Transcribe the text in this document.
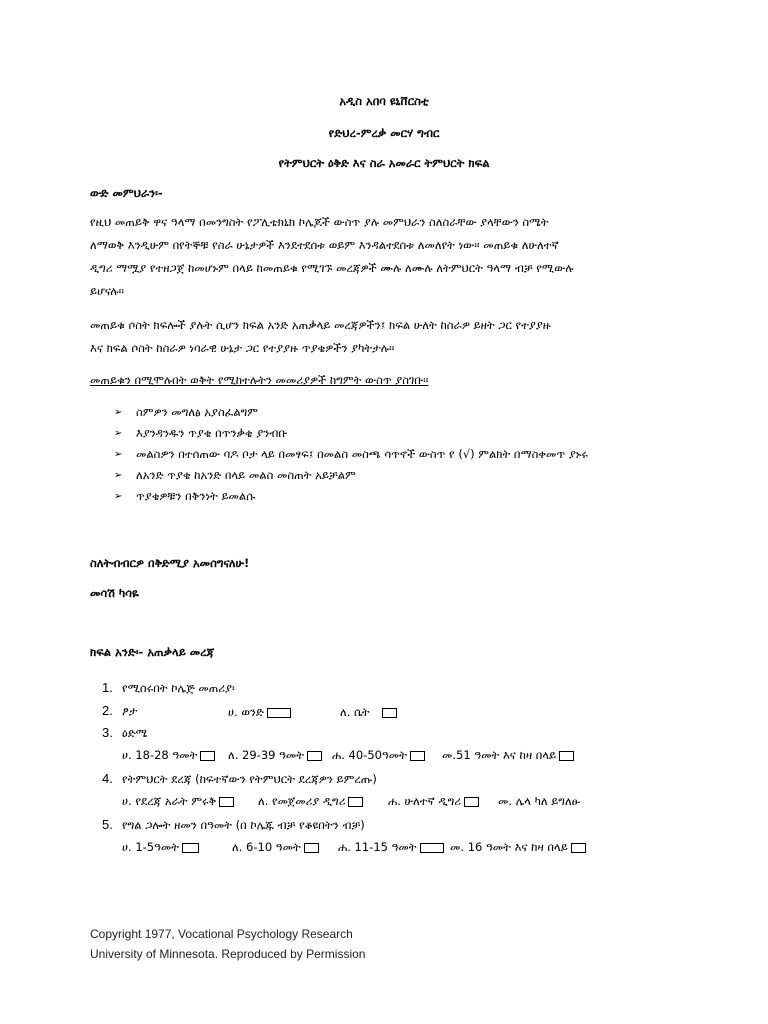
አዲስ አበባ ዩኒቨርስቲ
የድህረ-ምረቃ መርሃ ግብር
የትምህርት ዕቅድ እና ስራ አመራር ትምህርት ክፍል
ውድ መምህራን፡-
የዚህ መጠይቅ ዋና ዓላማ በመንግስት የፖሊቴክኒክ ኮሌጆች ውስጥ ያሉ መምህራን ስለስራቸው ያላቸውን ስሜት
ለማወቅ እንዲሁም በየትኞቹ የስራ ሁኔታዎች እንደተደሰቱ ወይም እንዳልተደሰቱ ለመለየት ነው፡፡ መጠይቁ ለሁለተኛ
ዲግሪ ማሟያ የተዘጋጀ ከመሆኑም በላይ ከመጠይቁ የሚገኙ መረጃዎች ሙሉ ለሙሉ ለትምህርት ዓላማ ብቻ የሚውሉ
ይሆናሉ፡፡
መጠይቁ ሶስት ክፍሎች ያሉት ሲሆን ክፍል አንድ አጠቃላይ መረጃዎችን፤ ክፍል ሁለት ከስራዎ ይዘት ጋር የተያያዙ
እና ክፍል ሶስት ከስራዎ ነባራዊ ሁኔታ ጋር የተያያዙ ጥያቄዎችን ያካትታሉ፡፡
መጠይቁን በሚሞሉበት ወቅት የሚከተሉትን መመሪያዎች ከግምት ውስጥ ያስገቡ፡፡
➢	ስምዎን መግለፅ አያስፈልግም
➢	እያንዳንዱን ጥያቄ በጥንቃቄ ያንብቡ
➢	መልስዎን በተሰጠው ባዶ ቦታ ላይ በመፃፍ፤ በመልስ መስጫ ሳጥኖች ውስጥ የ (√) ምልክት በማስቀመጥ ያኑሩ
➢	ለአንድ ጥያቄ ከአንድ በላይ መልስ መስጠት አይቻልም
➢	ጥያቄዎቹን በቅንነት ይመልሱ
ስለትብብርዎ በቅድሚያ አመሰግናለሁ!
መሳሽ ካሳዬ
ክፍል አንድ፡- አጠቃላይ መረጃ
1. የሚሰሩበት ኮሌጅ መጠሪያ፡
2. ፆታ	ሀ. ወንድ	ለ. ሴት
3. ዕድሜ
ሀ. 18-28 ዓመት	ለ. 29-39 ዓመት	ሐ. 40-50ዓመት	መ.51 ዓመት እና ከዛ በላይ
4. የትምህርት ደረጃ (ከፍተኛውን የትምህርት ደረጃዎን ይምረጡ)
ሀ. የደረጃ አራት ምሩቅ	ለ. የመጀመሪያ ዲግሪ	ሐ. ሁለተኛ ዲግሪ	መ. ሌላ ካለ ይግለፁ
5. የግል ጋሎት ዘመን በዓመት (በ ኮሌጁ ብቻ የቆዩበትን ብቻ)
ሀ. 1-5ዓመት	ለ. 6-10 ዓመት	ሐ. 11-15 ዓመት	መ. 16 ዓመት እና ከዛ በላይ
Copyright 1977, Vocational Psychology Research
University of Minnesota. Reproduced by Permission
